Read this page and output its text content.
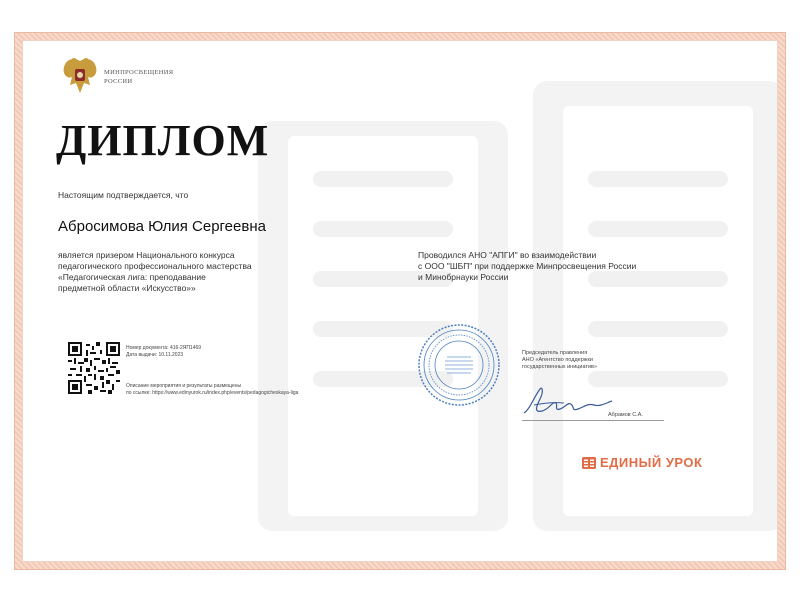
МИНПРОСВЕЩЕНИЯ РОССИИ
ДИПЛОМ
Настоящим подтверждается, что
Абросимова Юлия Сергеевна
является призером Национального конкурса
педагогического профессионального мастерства
«Педагогическая лига: преподавание
предметной области «Искусство»»
Проводился АНО "АПГИ" во взаимодействии
с ООО "ШБП" при поддержке Минпросвещения России
и Минобрнауки России
Номер документа: 416-2ЯП1469
Дата выдачи: 10.11.2023
Описание мероприятия и результаты размещены
по ссылке: https://www.edinyurok.ru/index.php/events/pedagogicheskaya-liga
Председатель правления
АНО «Агентство поддержки
государственных инициатив»
Абрамов С.А.
ЕДИНЫЙ УРОК
